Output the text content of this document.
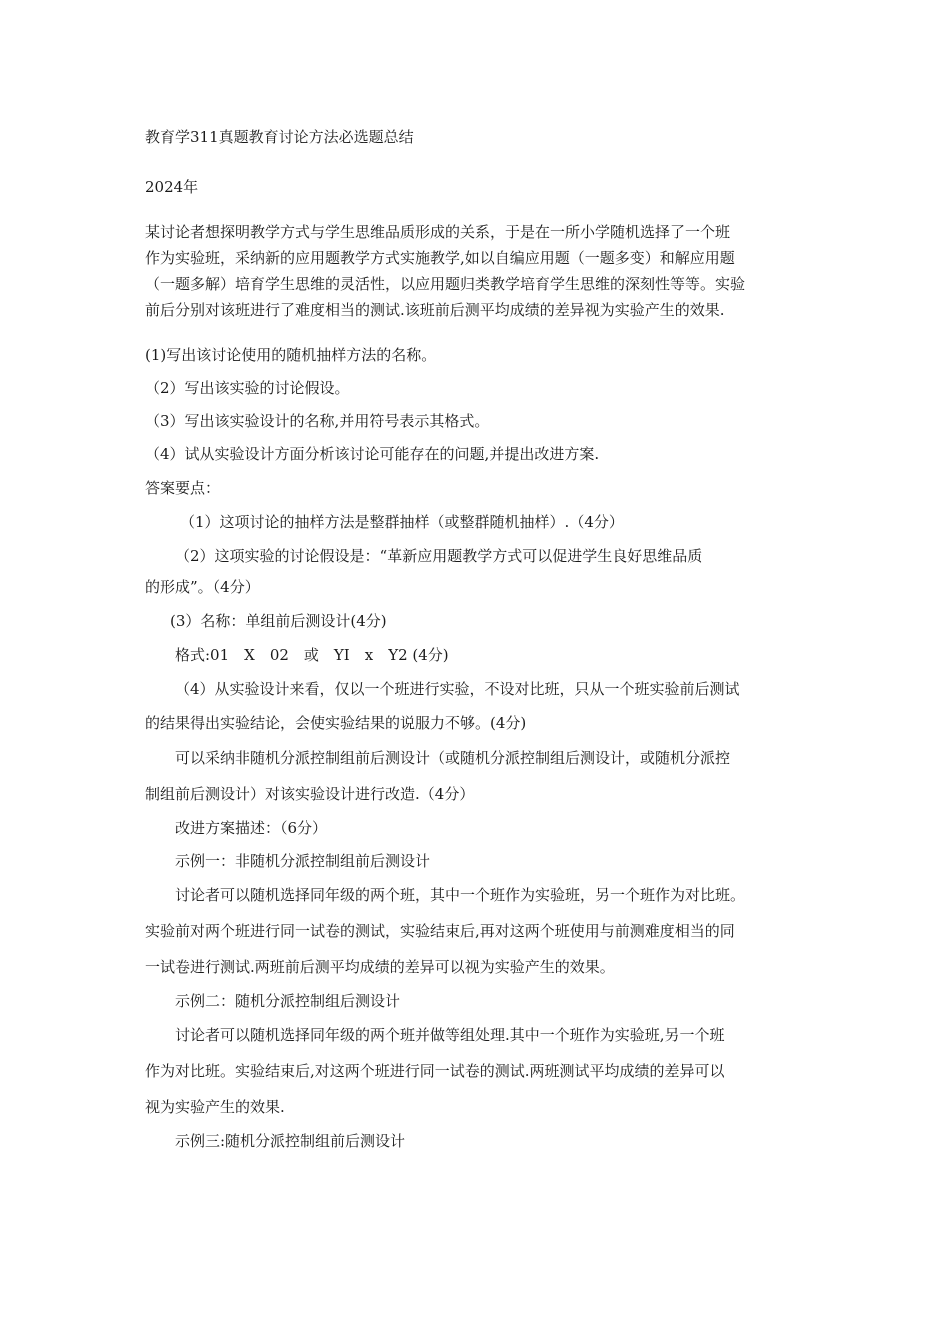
教育学311真题教育讨论方法必选题总结
2024年
某讨论者想探明教学方式与学生思维品质形成的关系，于是在一所小学随机选择了一个班
作为实验班，采纳新的应用题教学方式实施教学,如以自编应用题（一题多变）和解应用题
（一题多解）培育学生思维的灵活性，以应用题归类教学培育学生思维的深刻性等等。实验
前后分别对该班进行了难度相当的测试.该班前后测平均成绩的差异视为实验产生的效果.
(1)写出该讨论使用的随机抽样方法的名称。
（2）写出该实验的讨论假设。
（3）写出该实验设计的名称,并用符号表示其格式。
（4）试从实验设计方面分析该讨论可能存在的问题,并提出改进方案.
答案要点：
（1）这项讨论的抽样方法是整群抽样（或整群随机抽样）.（4分）
（2）这项实验的讨论假设是：“革新应用题教学方式可以促进学生良好思维品质
的形成”。（4分）
(3）名称：单组前后测设计(4分)
格式:01　X　02　或　YI　x　Y2 (4分)
（4）从实验设计来看，仅以一个班进行实验，不设对比班，只从一个班实验前后测试
的结果得出实验结论，会使实验结果的说服力不够。(4分)
可以采纳非随机分派控制组前后测设计（或随机分派控制组后测设计，或随机分派控
制组前后测设计）对该实验设计进行改造.（4分）
改进方案描述：（6分）
示例一：非随机分派控制组前后测设计
讨论者可以随机选择同年级的两个班，其中一个班作为实验班，另一个班作为对比班。
实验前对两个班进行同一试卷的测试，实验结束后,再对这两个班使用与前测难度相当的同
一试卷进行测试.两班前后测平均成绩的差异可以视为实验产生的效果。
示例二：随机分派控制组后测设计
讨论者可以随机选择同年级的两个班并做等组处理.其中一个班作为实验班,另一个班
作为对比班。实验结束后,对这两个班进行同一试卷的测试.两班测试平均成绩的差异可以
视为实验产生的效果.
示例三:随机分派控制组前后测设计
